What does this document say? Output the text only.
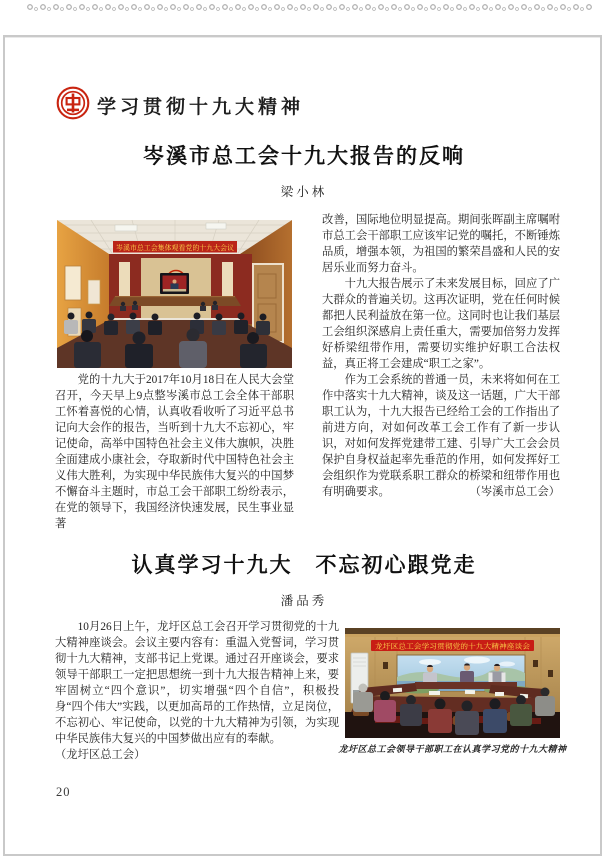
学习贯彻十九大精神
岑溪市总工会十九大报告的反响
梁小林
岑溪市总工会集体观看党的十九大会议

党的十九大于2017年10月18日在人民大会堂召开，今天早上9点整岑溪市总工会全体干部职工怀着喜悦的心情，认真收看收听了习近平总书记向大会作的报告，当听到十九大不忘初心，牢记使命，高举中国特色社会主义伟大旗帜，决胜全面建成小康社会，夺取新时代中国特色社会主义伟大胜利，为实现中华民族伟大复兴的中国梦不懈奋斗主题时，市总工会干部职工纷纷表示，在党的领导下，我国经济快速发展，民生事业显著

改善，国际地位明显提高。期间张晖副主席嘱咐市总工会干部职工应该牢记党的嘱托，不断锤炼品质，增强本领，为祖国的繁荣昌盛和人民的安居乐业而努力奋斗。

十九大报告展示了未来发展目标，回应了广大群众的普遍关切。这再次证明，党在任何时候都把人民利益放在第一位。这同时也让我们基层工会组织深感肩上责任重大，需要加倍努力发挥好桥梁纽带作用，需要切实维护好职工合法权益，真正将工会建成“职工之家”。

作为工会系统的普通一员，未来将如何在工作中落实十九大精神，谈及这一话题，广大干部职工认为，十九大报告已经给工会的工作指出了前进方向，对如何改革工会工作有了新一步认识，对如何发挥党建带工建、引导广大工会会员保护自身权益起率先垂范的作用，如何发挥好工会组织作为党联系职工群众的桥梁和纽带作用也有明确要求。	（岑溪市总工会）

认真学习十九大　不忘初心跟党走
潘品秀

10月26日上午，龙圩区总工会召开学习贯彻党的十九大精神座谈会。会议主要内容有：重温入党誓词，学习贯彻十九大精神，支部书记上党课。通过召开座谈会，要求领导干部职工一定把思想统一到十九大报告精神上来，要牢固树立“四个意识”，切实增强“四个自信”，积极投身“四个伟大”实践，以更加高昂的工作热情，立足岗位，不忘初心、牢记使命，以党的十九大精神为引领，为实现中华民族伟大复兴的中国梦做出应有的奉献。

（龙圩区总工会）

龙圩区总工会学习贯彻党的十九大精神座谈会
龙圩区总工会领导干部职工在认真学习党的十九大精神
20
